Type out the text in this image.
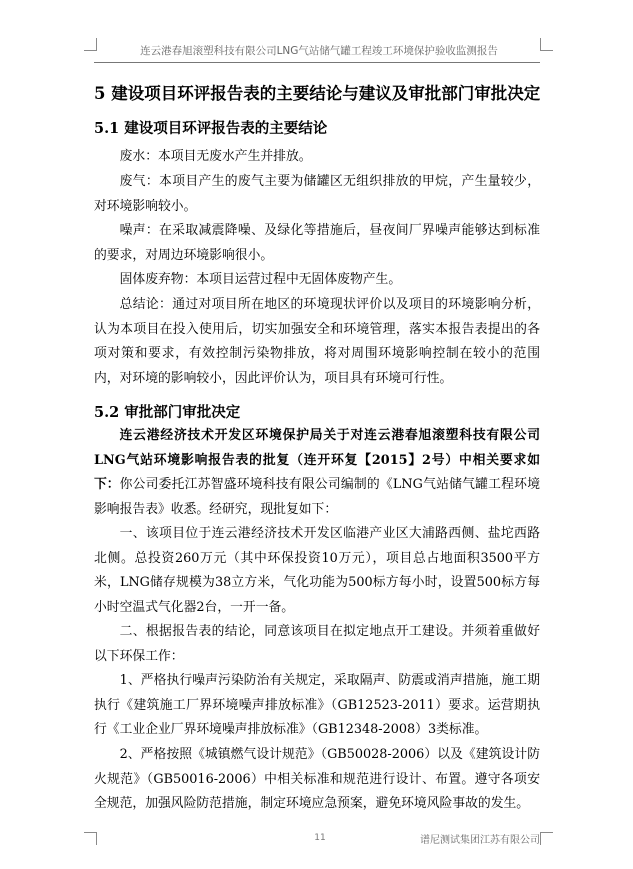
连云港春旭滚塑科技有限公司LNG气站储气罐工程竣工环境保护验收监测报告
5 建设项目环评报告表的主要结论与建议及审批部门审批决定
5.1 建设项目环评报告表的主要结论

废水：本项目无废水产生并排放。

废气：本项目产生的废气主要为储罐区无组织排放的甲烷，产生量较少，对环境影响较小。

噪声：在采取减震降噪、及绿化等措施后，昼夜间厂界噪声能够达到标准的要求，对周边环境影响很小。

固体废弃物：本项目运营过程中无固体废物产生。

总结论：通过对项目所在地区的环境现状评价以及项目的环境影响分析，认为本项目在投入使用后，切实加强安全和环境管理，落实本报告表提出的各项对策和要求，有效控制污染物排放，将对周围环境影响控制在较小的范围内，对环境的影响较小，因此评价认为，项目具有环境可行性。

5.2 审批部门审批决定

连云港经济技术开发区环境保护局关于对连云港春旭滚塑科技有限公司LNG气站环境影响报告表的批复（连开环复【2015】2号）中相关要求如下： 你公司委托江苏智盛环境科技有限公司编制的《LNG气站储气罐工程环境影响报告表》收悉。经研究，现批复如下：

一、该项目位于连云港经济技术开发区临港产业区大浦路西侧、盐坨西路北侧。总投资260万元（其中环保投资10万元），项目总占地面积3500平方米，LNG储存规模为38立方米，气化功能为500标方每小时，设置500标方每小时空温式气化器2台，一开一备。

二、根据报告表的结论，同意该项目在拟定地点开工建设。并须着重做好以下环保工作：

1、严格执行噪声污染防治有关规定，采取隔声、防震或消声措施，施工期执行《建筑施工厂界环境噪声排放标准》（GB12523-2011）要求。运营期执行《工业企业厂界环境噪声排放标准》（GB12348-2008）3类标准。

2、严格按照《城镇燃气设计规范》（GB50028-2006）以及《建筑设计防火规范》（GB50016-2006）中相关标准和规范进行设计、布置。遵守各项安全规范，加强风险防范措施，制定环境应急预案，避免环境风险事故的发生。

11	谱尼测试集团江苏有限公司
